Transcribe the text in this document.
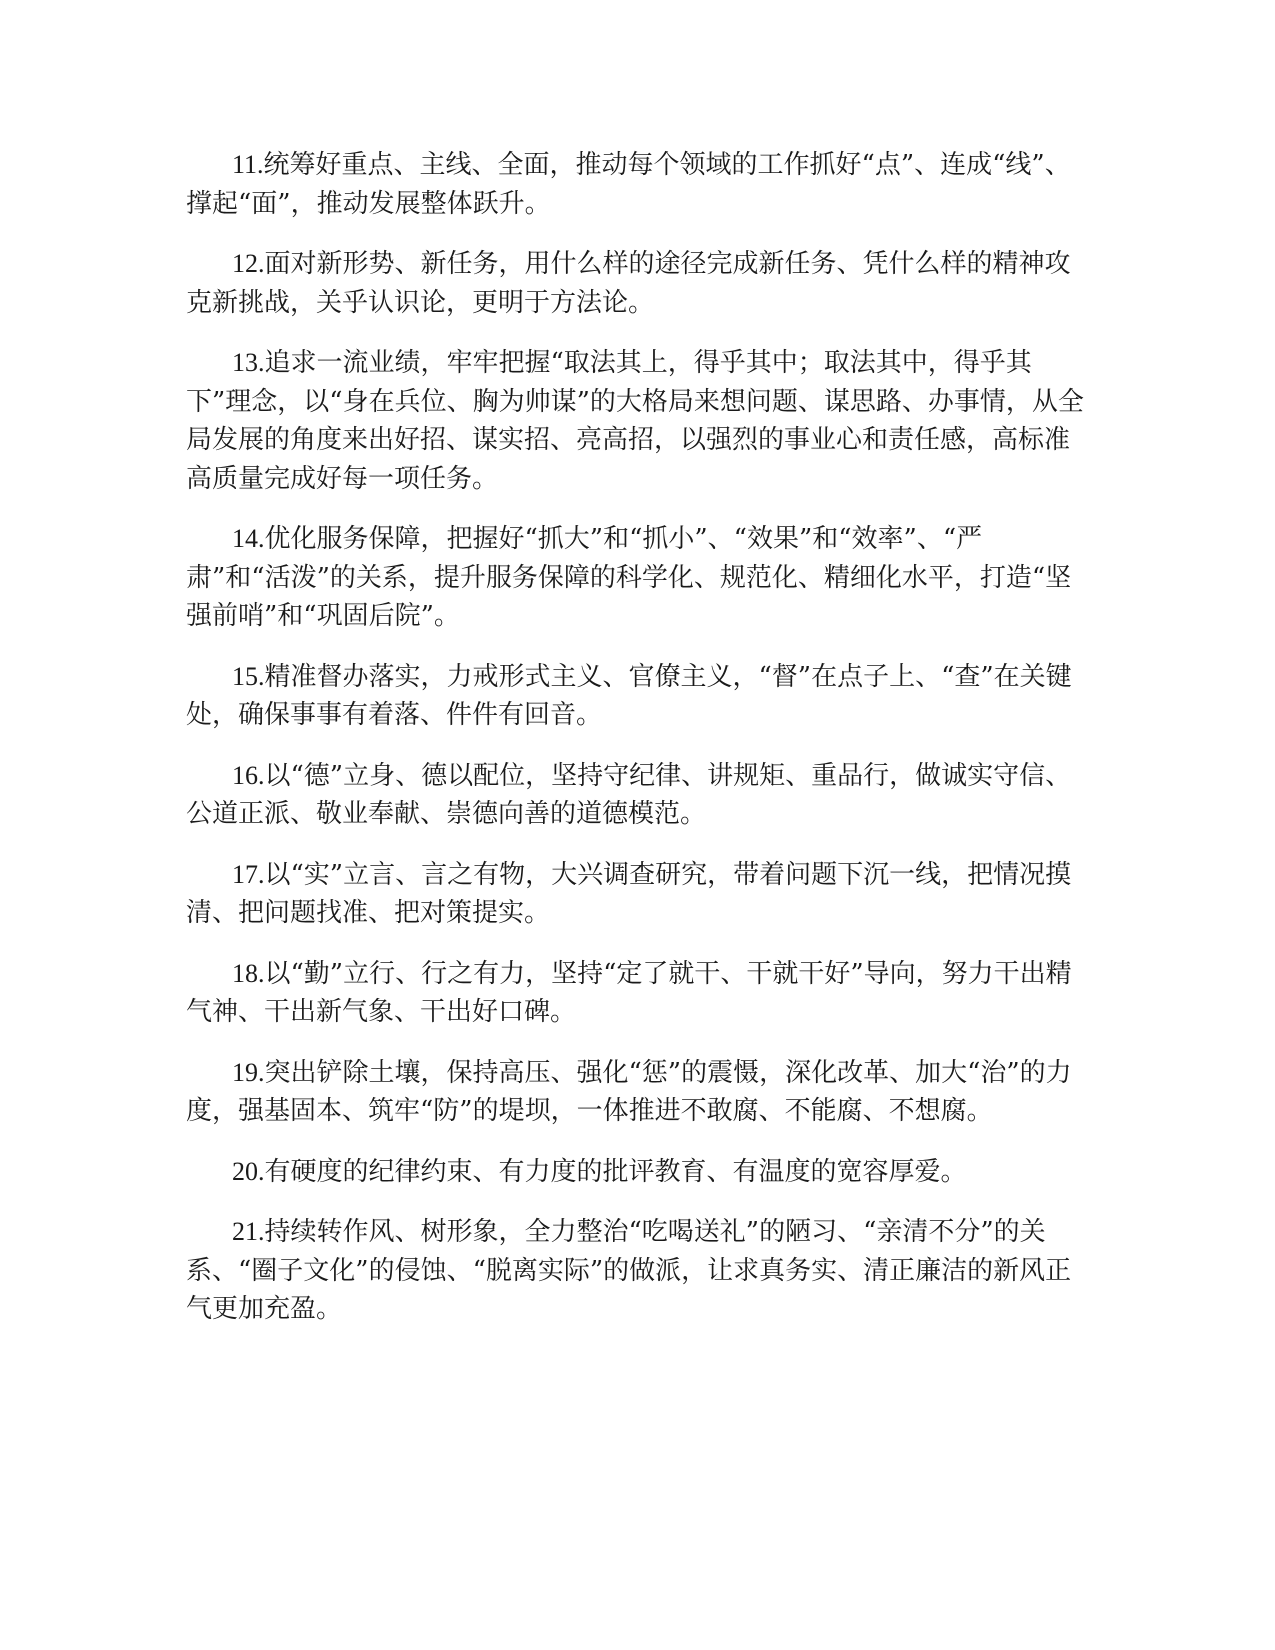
11.统筹好重点、主线、全面，推动每个领域的工作抓好“点”、连成“线”、撑起“面”，推动发展整体跃升。

12.面对新形势、新任务，用什么样的途径完成新任务、凭什么样的精神攻克新挑战，关乎认识论，更明于方法论。

13.追求一流业绩，牢牢把握“取法其上，得乎其中；取法其中，得乎其下”理念，以“身在兵位、胸为帅谋”的大格局来想问题、谋思路、办事情，从全局发展的角度来出好招、谋实招、亮高招，以强烈的事业心和责任感，高标准高质量完成好每一项任务。

14.优化服务保障，把握好“抓大”和“抓小”、“效果”和“效率”、“严肃”和“活泼”的关系，提升服务保障的科学化、规范化、精细化水平，打造“坚强前哨”和“巩固后院”。

15.精准督办落实，力戒形式主义、官僚主义，“督”在点子上、“查”在关键处，确保事事有着落、件件有回音。

16.以“德”立身、德以配位，坚持守纪律、讲规矩、重品行，做诚实守信、公道正派、敬业奉献、崇德向善的道德模范。

17.以“实”立言、言之有物，大兴调查研究，带着问题下沉一线，把情况摸清、把问题找准、把对策提实。

18.以“勤”立行、行之有力，坚持“定了就干、干就干好”导向，努力干出精气神、干出新气象、干出好口碑。

19.突出铲除土壤，保持高压、强化“惩”的震慑，深化改革、加大“治”的力度，强基固本、筑牢“防”的堤坝，一体推进不敢腐、不能腐、不想腐。

20.有硬度的纪律约束、有力度的批评教育、有温度的宽容厚爱。

21.持续转作风、树形象，全力整治“吃喝送礼”的陋习、“亲清不分”的关系、“圈子文化”的侵蚀、“脱离实际”的做派，让求真务实、清正廉洁的新风正气更加充盈。
